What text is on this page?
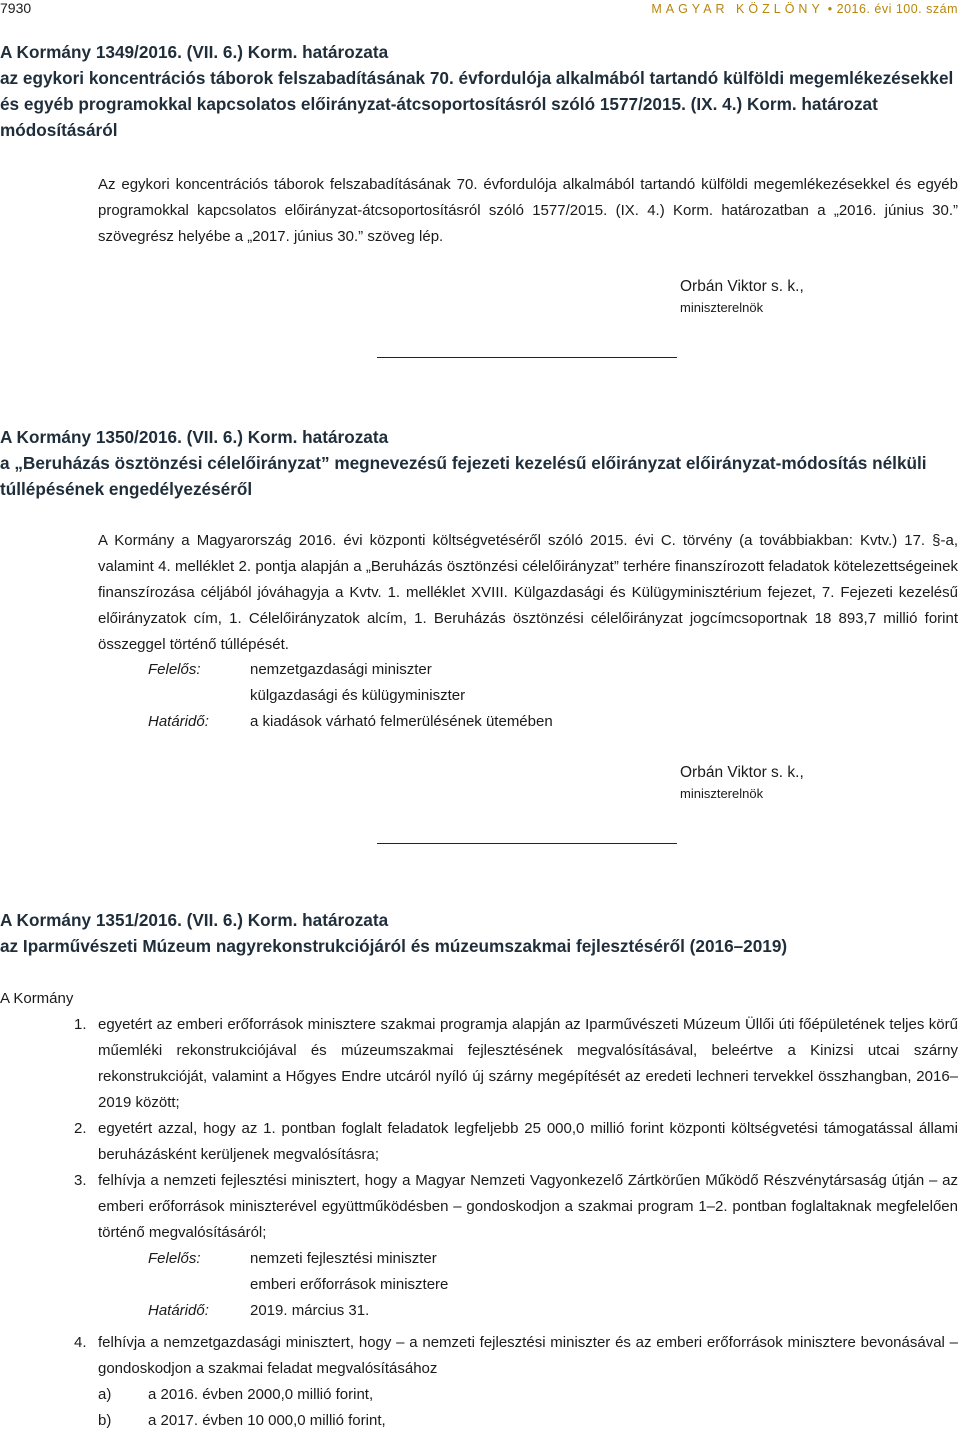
7930	MAGYAR KÖZLÖNY • 2016. évi 100. szám
A Kormány 1349/2016. (VII. 6.) Korm. határozata
az egykori koncentrációs táborok felszabadításának 70. évfordulója alkalmából tartandó külföldi megemlékezésekkel és egyéb programokkal kapcsolatos előirányzat-átcsoportosításról szóló 1577/2015. (IX. 4.) Korm. határozat módosításáról
Az egykori koncentrációs táborok felszabadításának 70. évfordulója alkalmából tartandó külföldi megemlékezésekkel és egyéb programokkal kapcsolatos előirányzat-átcsoportosításról szóló 1577/2015. (IX. 4.) Korm. határozatban a „2016. június 30.” szövegrész helyébe a „2017. június 30.” szöveg lép.
Orbán Viktor s. k.,
miniszterelnök
A Kormány 1350/2016. (VII. 6.) Korm. határozata
a „Beruházás ösztönzési célelőirányzat” megnevezésű fejezeti kezelésű előirányzat előirányzat-módosítás nélküli túllépésének engedélyezéséről
A Kormány a Magyarország 2016. évi központi költségvetéséről szóló 2015. évi C. törvény (a továbbiakban: Kvtv.) 17. §-a, valamint 4. melléklet 2. pontja alapján a „Beruházás ösztönzési célelőirányzat” terhére finanszírozott feladatok kötelezettségeinek finanszírozása céljából jóváhagyja a Kvtv. 1. melléklet XVIII. Külgazdasági és Külügyminisztérium fejezet, 7. Fejezeti kezelésű előirányzatok cím, 1. Célelőirányzatok alcím, 1. Beruházás ösztönzési célelőirányzat jogcímcsoportnak 18 893,7 millió forint összeggel történő túllépését.
Felelős:	nemzetgazdasági miniszter
külgazdasági és külügyminiszter
Határidő:	a kiadások várható felmerülésének ütemében
Orbán Viktor s. k.,
miniszterelnök
A Kormány 1351/2016. (VII. 6.) Korm. határozata
az Iparművészeti Múzeum nagyrekonstrukciójáról és múzeumszakmai fejlesztéséről (2016–2019)
A Kormány
1. egyetért az emberi erőforrások minisztere szakmai programja alapján az Iparművészeti Múzeum Üllői úti főépületének teljes körű műemléki rekonstrukciójával és múzeumszakmai fejlesztésének megvalósításával, beleértve a Kinizsi utcai szárny rekonstrukcióját, valamint a Hőgyes Endre utcáról nyíló új szárny megépítését az eredeti lechneri tervekkel összhangban, 2016–2019 között;
2. egyetért azzal, hogy az 1. pontban foglalt feladatok legfeljebb 25 000,0 millió forint központi költségvetési támogatással állami beruházásként kerüljenek megvalósításra;
3. felhívja a nemzeti fejlesztési minisztert, hogy a Magyar Nemzeti Vagyonkezelő Zártkörűen Működő Részvénytársaság útján – az emberi erőforrások miniszterével együttműködésben – gondoskodjon a szakmai program 1–2. pontban foglaltaknak megfelelően történő megvalósításáról;
Felelős:	nemzeti fejlesztési miniszter
emberi erőforrások minisztere
Határidő:	2019. március 31.
4. felhívja a nemzetgazdasági minisztert, hogy – a nemzeti fejlesztési miniszter és az emberi erőforrások minisztere bevonásával – gondoskodjon a szakmai feladat megvalósításához
a)	a 2016. évben 2000,0 millió forint,
b)	a 2017. évben 10 000,0 millió forint,
